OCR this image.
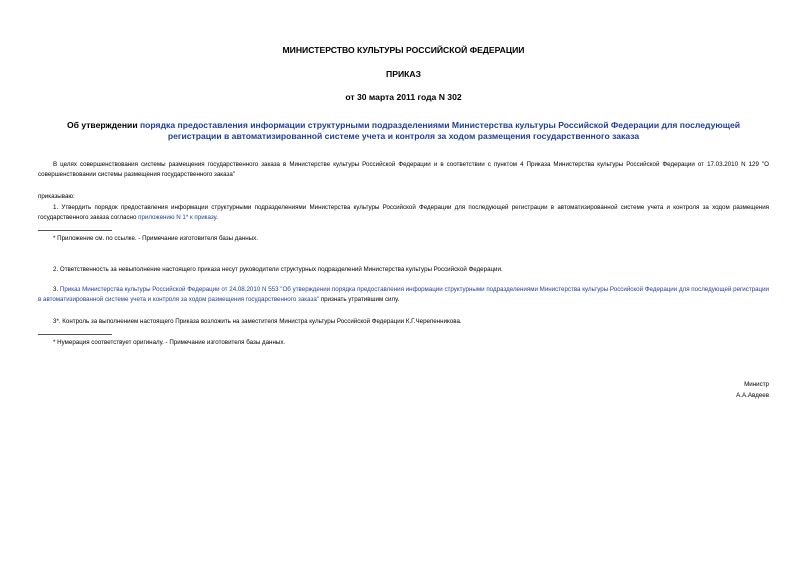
МИНИСТЕРСТВО КУЛЬТУРЫ РОССИЙСКОЙ ФЕДЕРАЦИИ
ПРИКАЗ
от 30 марта 2011 года N 302
Об утверждении порядка предоставления информации структурными подразделениями Министерства культуры Российской Федерации для последующей регистрации в автоматизированной системе учета и контроля за ходом размещения государственного заказа
В целях совершенствования системы размещения государственного заказа в Министерстве культуры Российской Федерации и в соответствии с пунктом 4 Приказа Министерства культуры Российской Федерации от 17.03.2010 N 129 "О совершенствовании системы размещения государственного заказа"
приказываю:
1. Утвердить порядок предоставления информации структурными подразделениями Министерства культуры Российской Федерации для последующей регистрации в автоматизированной системе учета и контроля за ходом размещения государственного заказа согласно приложению N 1* к приказу.
* Приложение см. по ссылке. - Примечание изготовителя базы данных.
2. Ответственность за невыполнение настоящего приказа несут руководители структурных подразделений Министерства культуры Российской Федерации.
3. Приказ Министерства культуры Российской Федерации от 24.08.2010 N 553 "Об утверждении порядка предоставления информации структурными подразделениями Министерства культуры Российской Федерации для последующей регистрации в автоматизированной системе учета и контроля за ходом размещения государственного заказа" признать утратившим силу.
3*. Контроль за выполнением настоящего Приказа возложить на заместителя Министра культуры Российской Федерации К.Г.Черепенникова.
* Нумерация соответствует оригиналу. - Примечание изготовителя базы данных.
Министр
А.А.Авдеев
